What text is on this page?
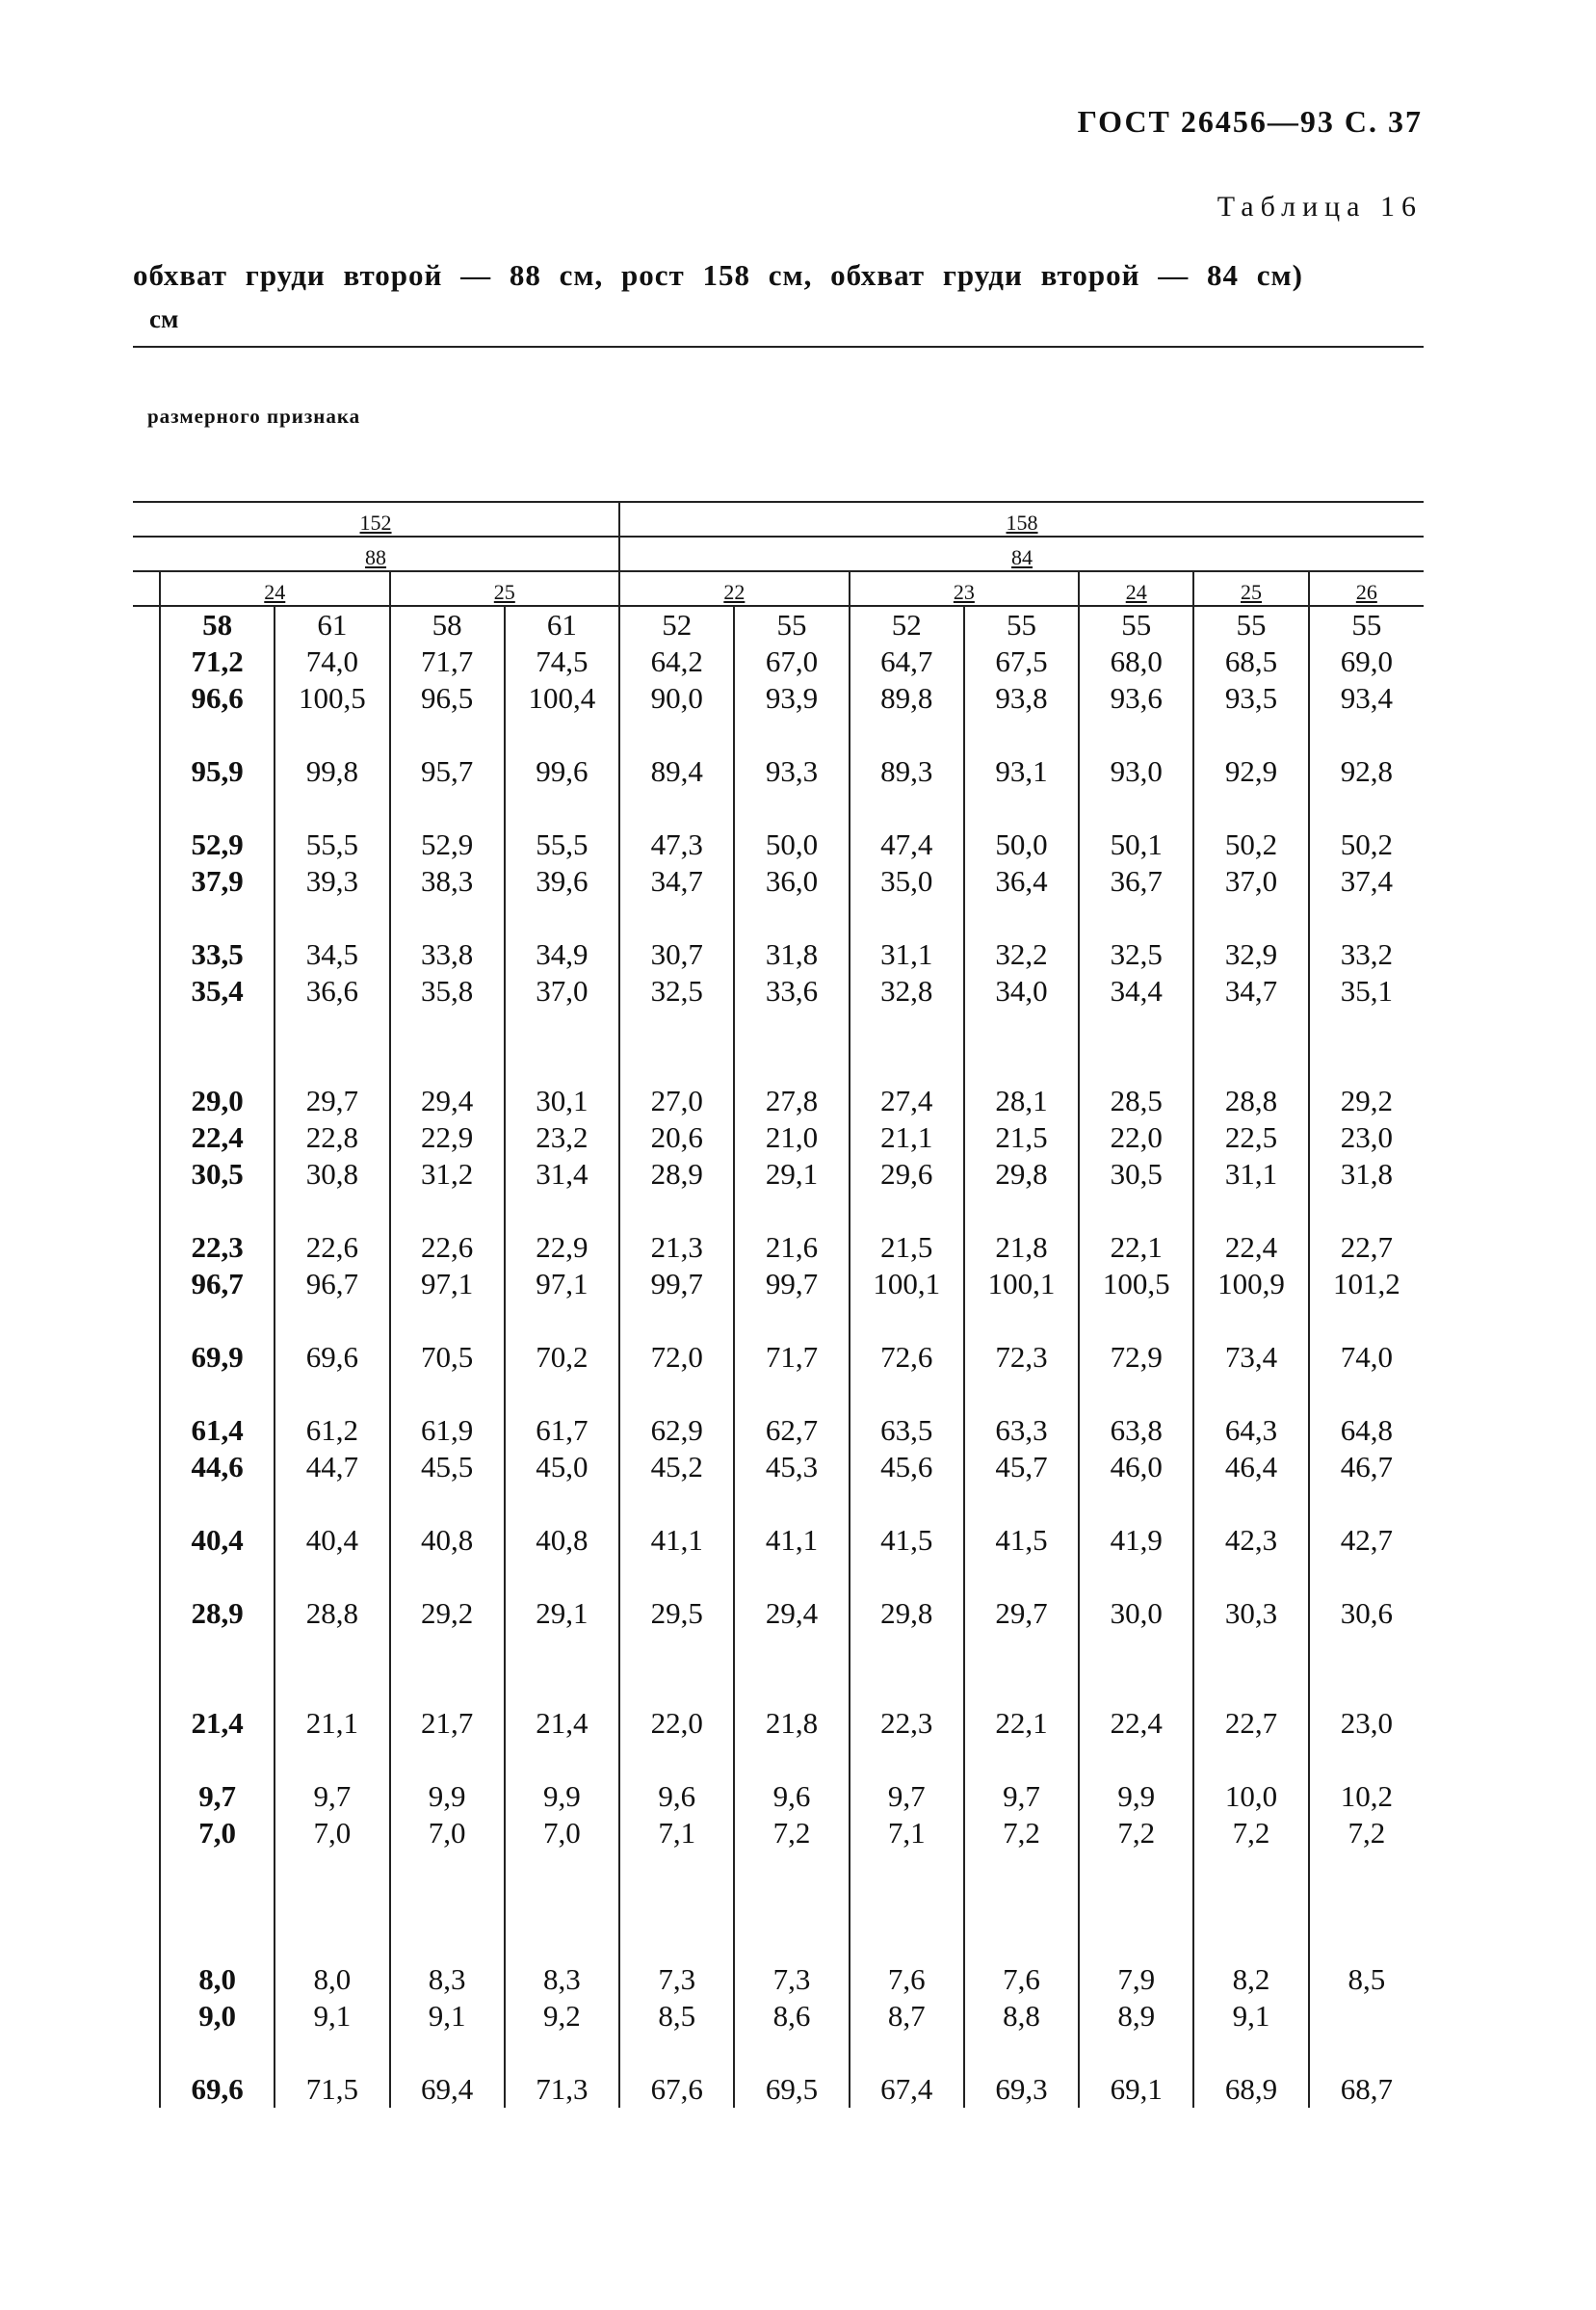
ГОСТ 26456—93 С. 37
Таблица 16
обхват груди второй — 88 см, рост 158 см, обхват груди второй — 84 см)
см
размерного признака
152					158						
88					84						
	24		25		22		23		24	25	26
	58	61	58	61	52	55	52	55	55	55	55
	71,2	74,0	71,7	74,5	64,2	67,0	64,7	67,5	68,0	68,5	69,0
	96,6	100,5	96,5	100,4	90,0	93,9	89,8	93,8	93,6	93,5	93,4

	95,9	99,8	95,7	99,6	89,4	93,3	89,3	93,1	93,0	92,9	92,8

	52,9	55,5	52,9	55,5	47,3	50,0	47,4	50,0	50,1	50,2	50,2
	37,9	39,3	38,3	39,6	34,7	36,0	35,0	36,4	36,7	37,0	37,4

	33,5	34,5	33,8	34,9	30,7	31,8	31,1	32,2	32,5	32,9	33,2
	35,4	36,6	35,8	37,0	32,5	33,6	32,8	34,0	34,4	34,7	35,1

	29,0	29,7	29,4	30,1	27,0	27,8	27,4	28,1	28,5	28,8	29,2
	22,4	22,8	22,9	23,2	20,6	21,0	21,1	21,5	22,0	22,5	23,0
	30,5	30,8	31,2	31,4	28,9	29,1	29,6	29,8	30,5	31,1	31,8

	22,3	22,6	22,6	22,9	21,3	21,6	21,5	21,8	22,1	22,4	22,7
	96,7	96,7	97,1	97,1	99,7	99,7	100,1	100,1	100,5	100,9	101,2

	69,9	69,6	70,5	70,2	72,0	71,7	72,6	72,3	72,9	73,4	74,0

	61,4	61,2	61,9	61,7	62,9	62,7	63,5	63,3	63,8	64,3	64,8
	44,6	44,7	45,5	45,0	45,2	45,3	45,6	45,7	46,0	46,4	46,7

	40,4	40,4	40,8	40,8	41,1	41,1	41,5	41,5	41,9	42,3	42,7

	28,9	28,8	29,2	29,1	29,5	29,4	29,8	29,7	30,0	30,3	30,6

	21,4	21,1	21,7	21,4	22,0	21,8	22,3	22,1	22,4	22,7	23,0

	9,7	9,7	9,9	9,9	9,6	9,6	9,7	9,7	9,9	10,0	10,2
	7,0	7,0	7,0	7,0	7,1	7,2	7,1	7,2	7,2	7,2	7,2

	8,0	8,0	8,3	8,3	7,3	7,3	7,6	7,6	7,9	8,2	8,5
	9,0	9,1	9,1	9,2	8,5	8,6	8,7	8,8	8,9	9,1	

	69,6	71,5	69,4	71,3	67,6	69,5	67,4	69,3	69,1	68,9	68,7
